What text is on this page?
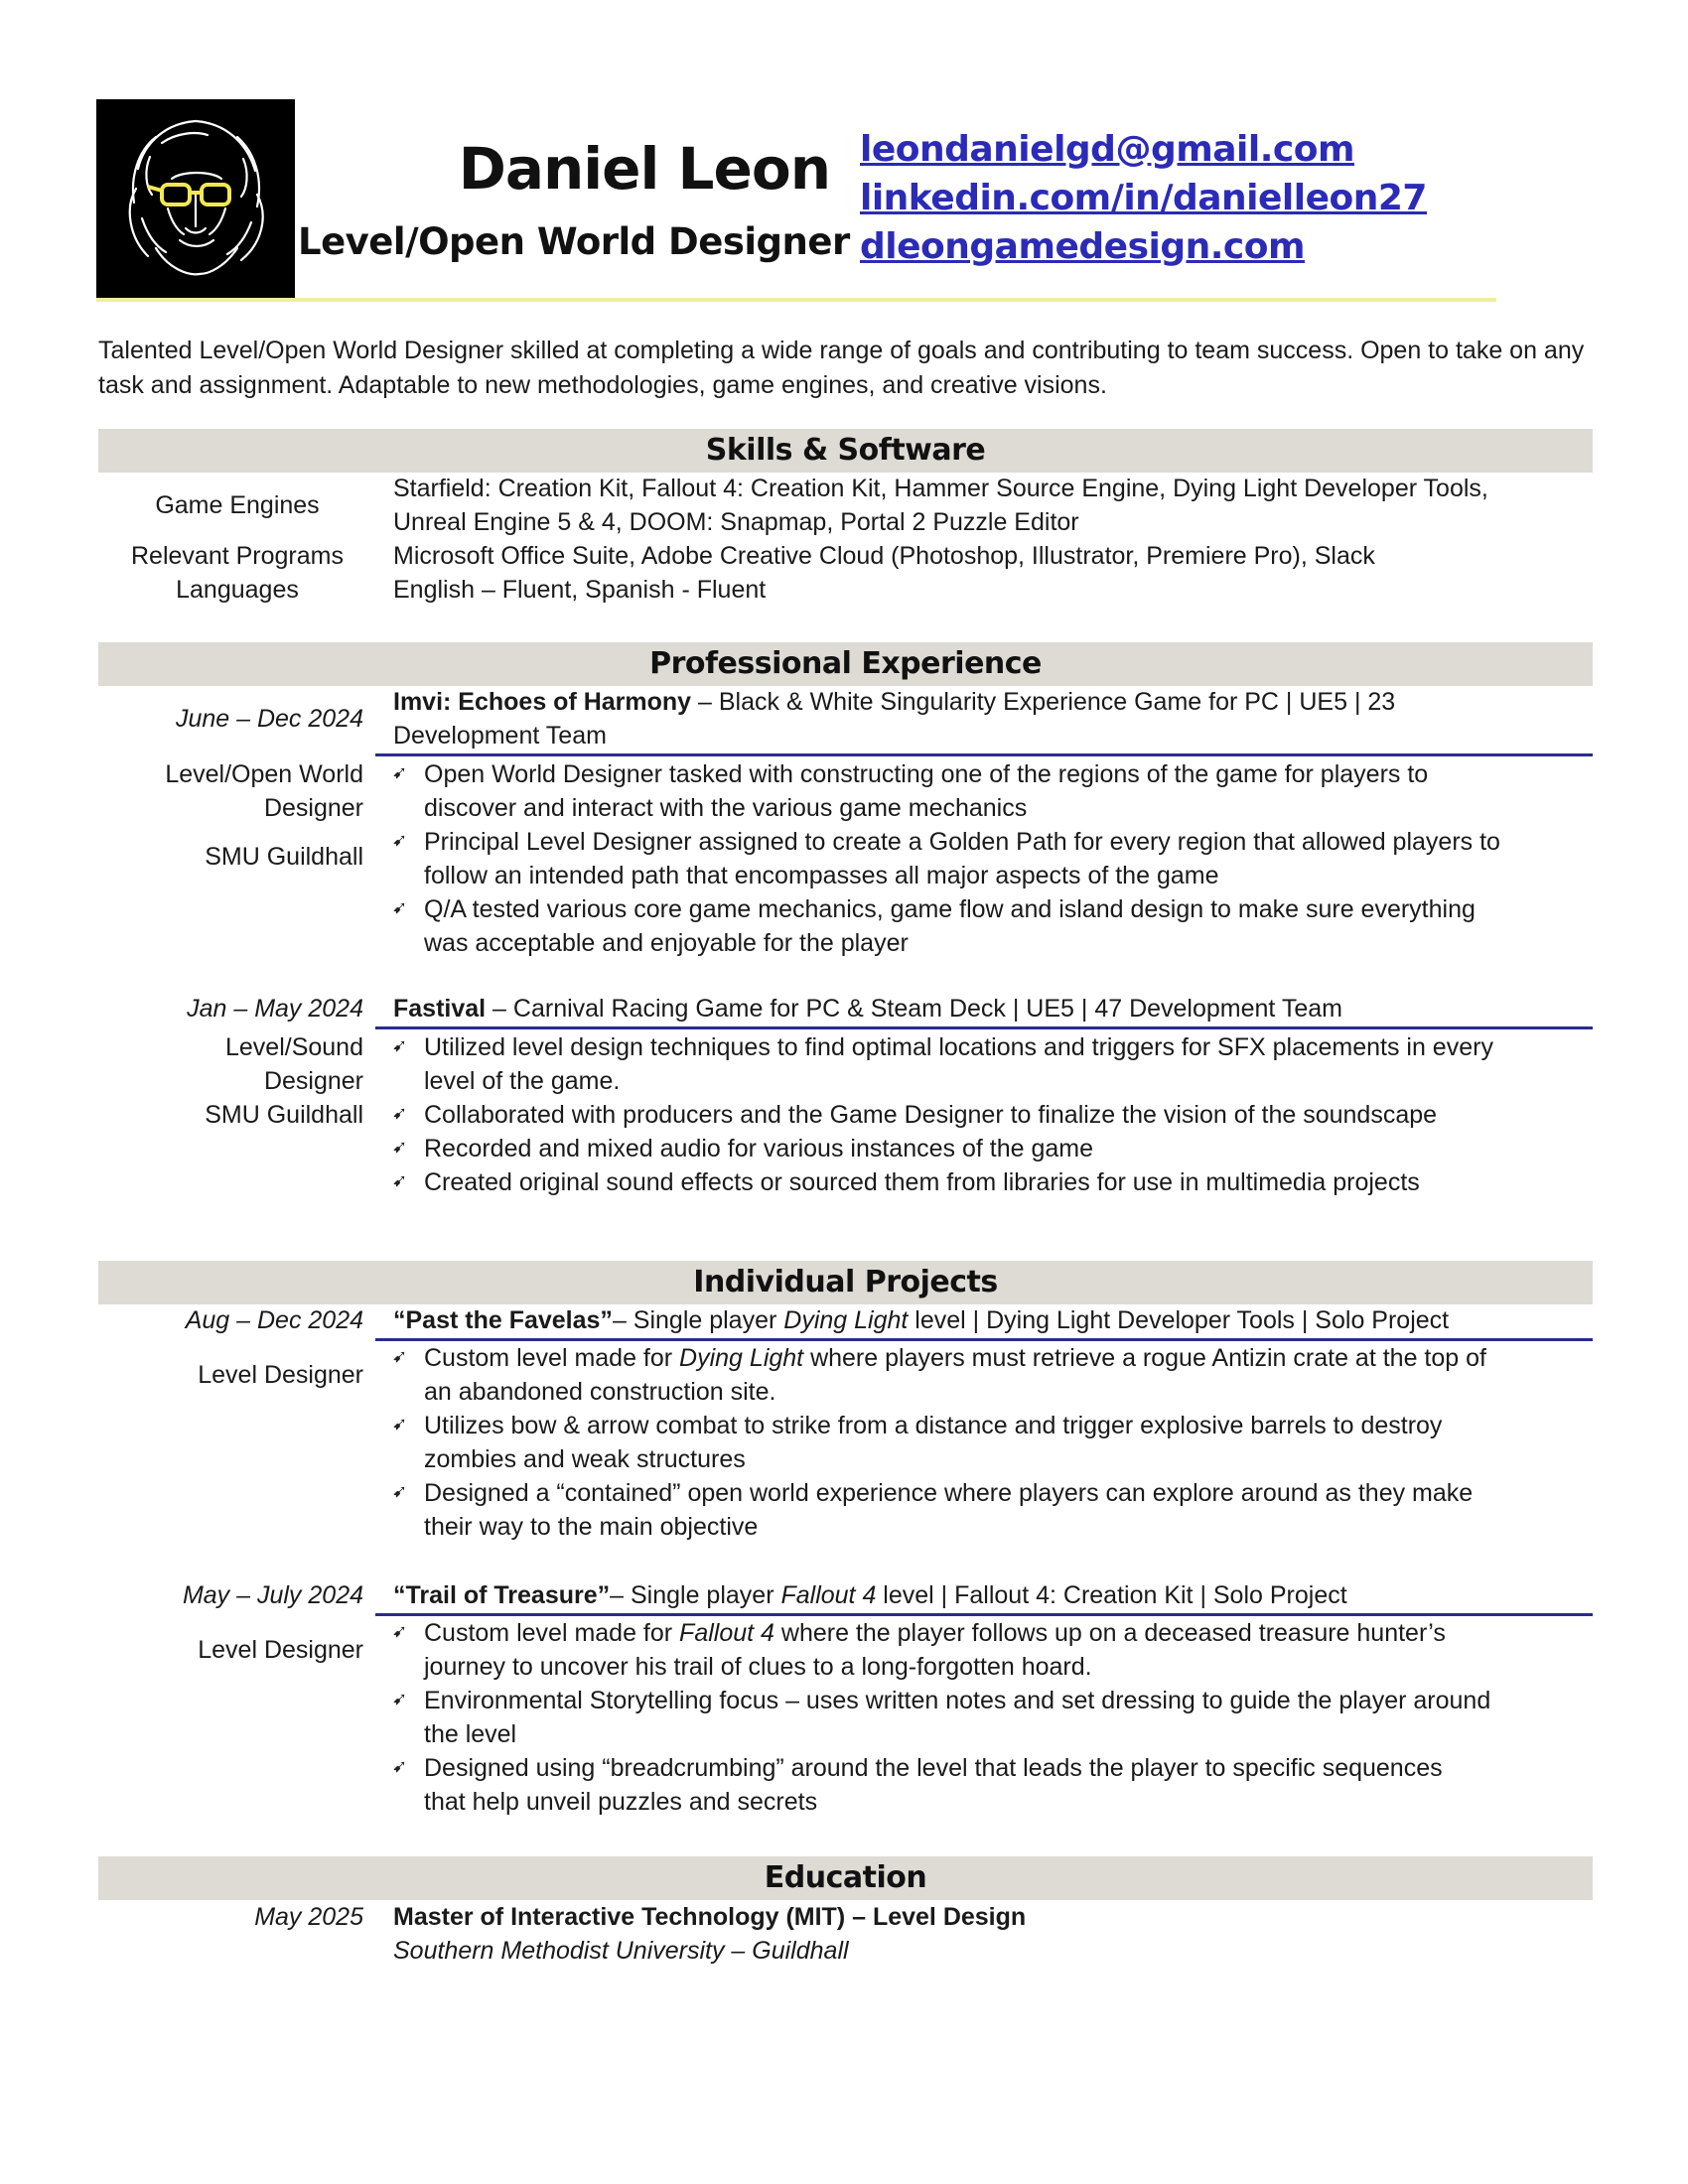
Daniel Leon
Level/Open World Designer
leondanielgd@gmail.com
linkedin.com/in/danielleon27
dleongamedesign.com
Talented Level/Open World Designer skilled at completing a wide range of goals and contributing to team success. Open to take on any task and assignment. Adaptable to new methodologies, game engines, and creative visions.
Skills & Software
Game Engines
Starfield: Creation Kit, Fallout 4: Creation Kit, Hammer Source Engine, Dying Light Developer Tools,
Unreal Engine 5 & 4, DOOM: Snapmap, Portal 2 Puzzle Editor
Relevant Programs	Microsoft Office Suite, Adobe Creative Cloud (Photoshop, Illustrator, Premiere Pro), Slack
Languages	English – Fluent, Spanish - Fluent
Professional Experience
June – Dec 2024
Imvi: Echoes of Harmony – Black & White Singularity Experience Game for PC | UE5 | 23
Development Team
Level/Open World
Designer
SMU Guildhall
➹ Open World Designer tasked with constructing one of the regions of the game for players to
discover and interact with the various game mechanics
➹ Principal Level Designer assigned to create a Golden Path for every region that allowed players to
follow an intended path that encompasses all major aspects of the game
➹ Q/A tested various core game mechanics, game flow and island design to make sure everything
was acceptable and enjoyable for the player
Jan – May 2024 Fastival – Carnival Racing Game for PC & Steam Deck | UE5 | 47 Development Team
Level/Sound
Designer
SMU Guildhall
➹ Utilized level design techniques to find optimal locations and triggers for SFX placements in every
level of the game.
➹ Collaborated with producers and the Game Designer to finalize the vision of the soundscape
➹ Recorded and mixed audio for various instances of the game
➹ Created original sound effects or sourced them from libraries for use in multimedia projects
Individual Projects
Aug – Dec 2024 “Past the Favelas”– Single player Dying Light level | Dying Light Developer Tools | Solo Project
Level Designer
➹ Custom level made for Dying Light where players must retrieve a rogue Antizin crate at the top of
an abandoned construction site.
➹ Utilizes bow & arrow combat to strike from a distance and trigger explosive barrels to destroy
zombies and weak structures
➹ Designed a “contained” open world experience where players can explore around as they make
their way to the main objective
May – July 2024 “Trail of Treasure”– Single player Fallout 4 level | Fallout 4: Creation Kit | Solo Project
Level Designer
➹ Custom level made for Fallout 4 where the player follows up on a deceased treasure hunter’s
journey to uncover his trail of clues to a long-forgotten hoard.
➹ Environmental Storytelling focus – uses written notes and set dressing to guide the player around
the level
➹ Designed using “breadcrumbing” around the level that leads the player to specific sequences
that help unveil puzzles and secrets
Education
May 2025 Master of Interactive Technology (MIT) – Level Design
Southern Methodist University – Guildhall
